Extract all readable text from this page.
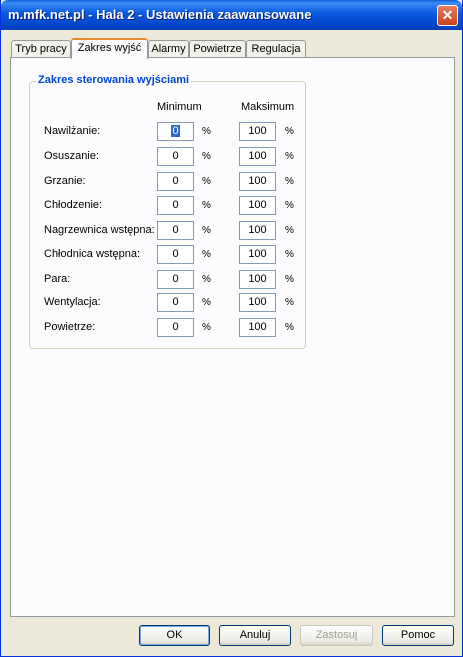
m.mfk.net.pl - Hala 2 - Ustawienia zaawansowane	✕
Tryb pracy Zakres wyjść Alarmy Powietrze Regulacja
Zakres sterowania wyjściami
Minimum	Maksimum
Nawilżanie:	0	%	100	%
Osuszanie:	0	%	100	%
Grzanie:	0	%	100	%
Chłodzenie:	0	%	100	%
Nagrzewnica wstępna:	0	%	100	%
Chłodnica wstępna:	0	%	100	%
Para:	0	%	100	%
Wentylacja:	0	%	100	%
Powietrze:	0	%	100	%
OK	Anuluj	Zastosuj	Pomoc
